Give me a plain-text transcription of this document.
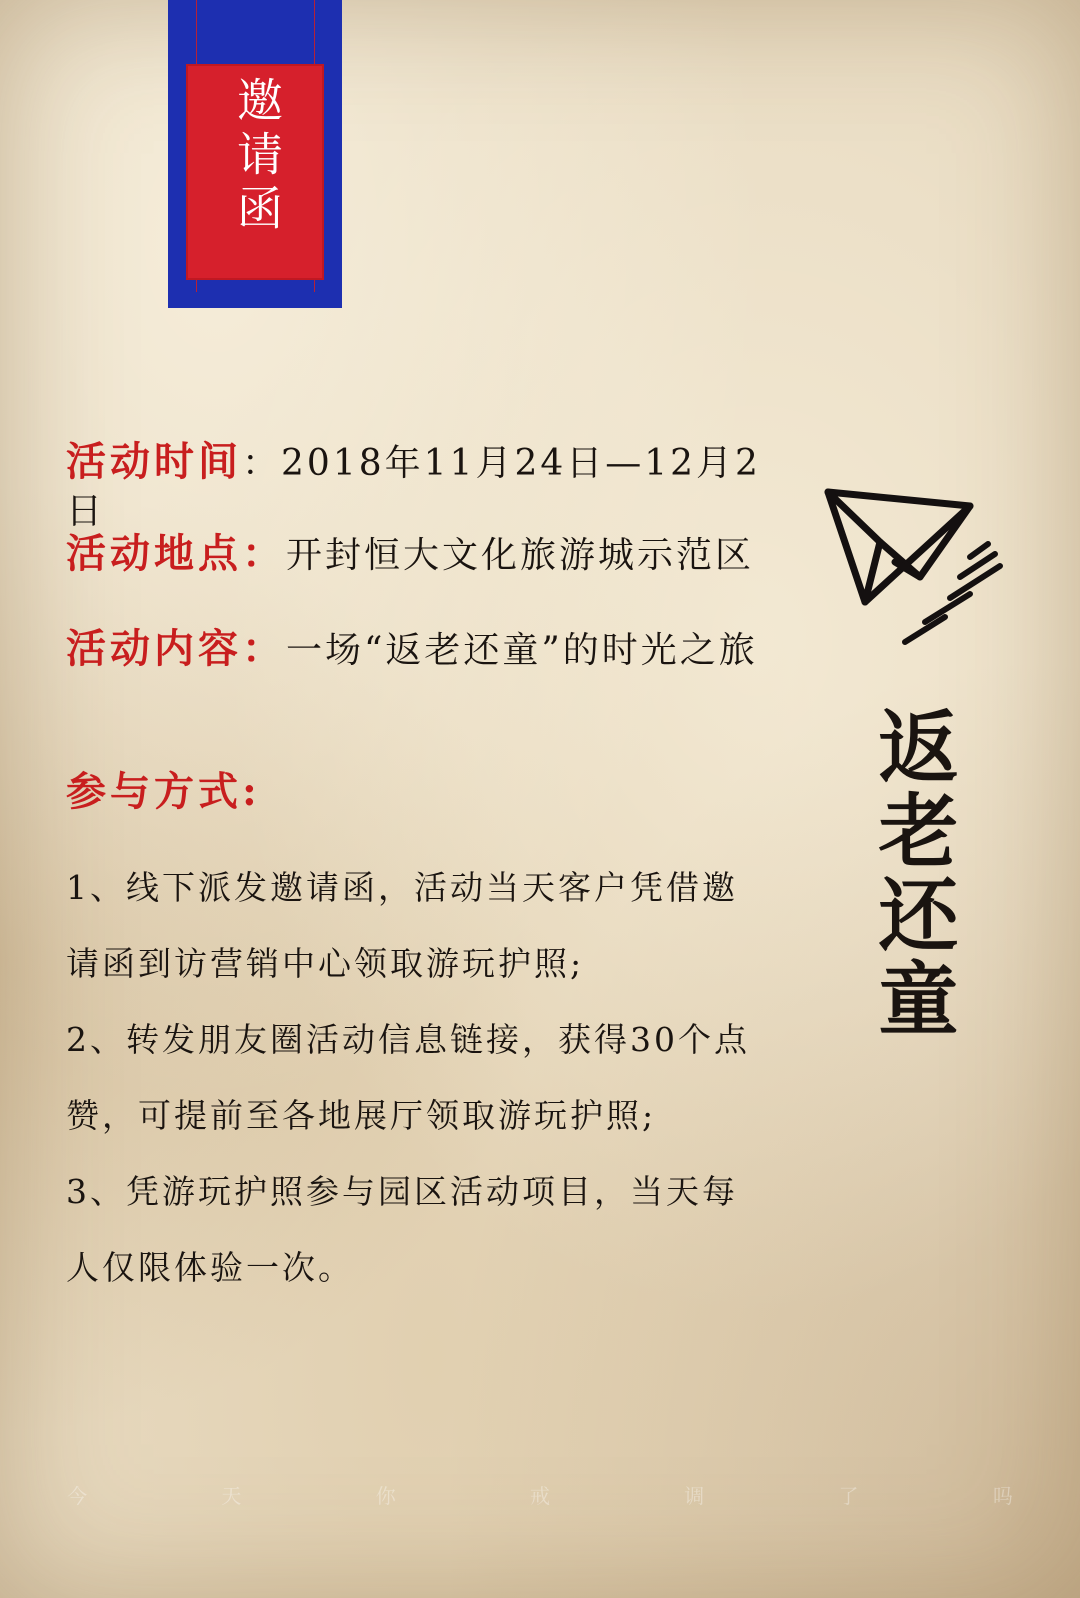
邀请函

活动时间：2018年11月24日—12月2日

活动地点：开封恒大文化旅游城示范区

活动内容：一场“返老还童”的时光之旅

参与方式:

1、线下派发邀请函，活动当天客户凭借邀请函到访营销中心领取游玩护照;

2、转发朋友圈活动信息链接，获得30个点赞，可提前至各地展厅领取游玩护照;

3、凭游玩护照参与园区活动项目，当天每人仅限体验一次。

返老还童
今	天	你	戒	调	了	吗
